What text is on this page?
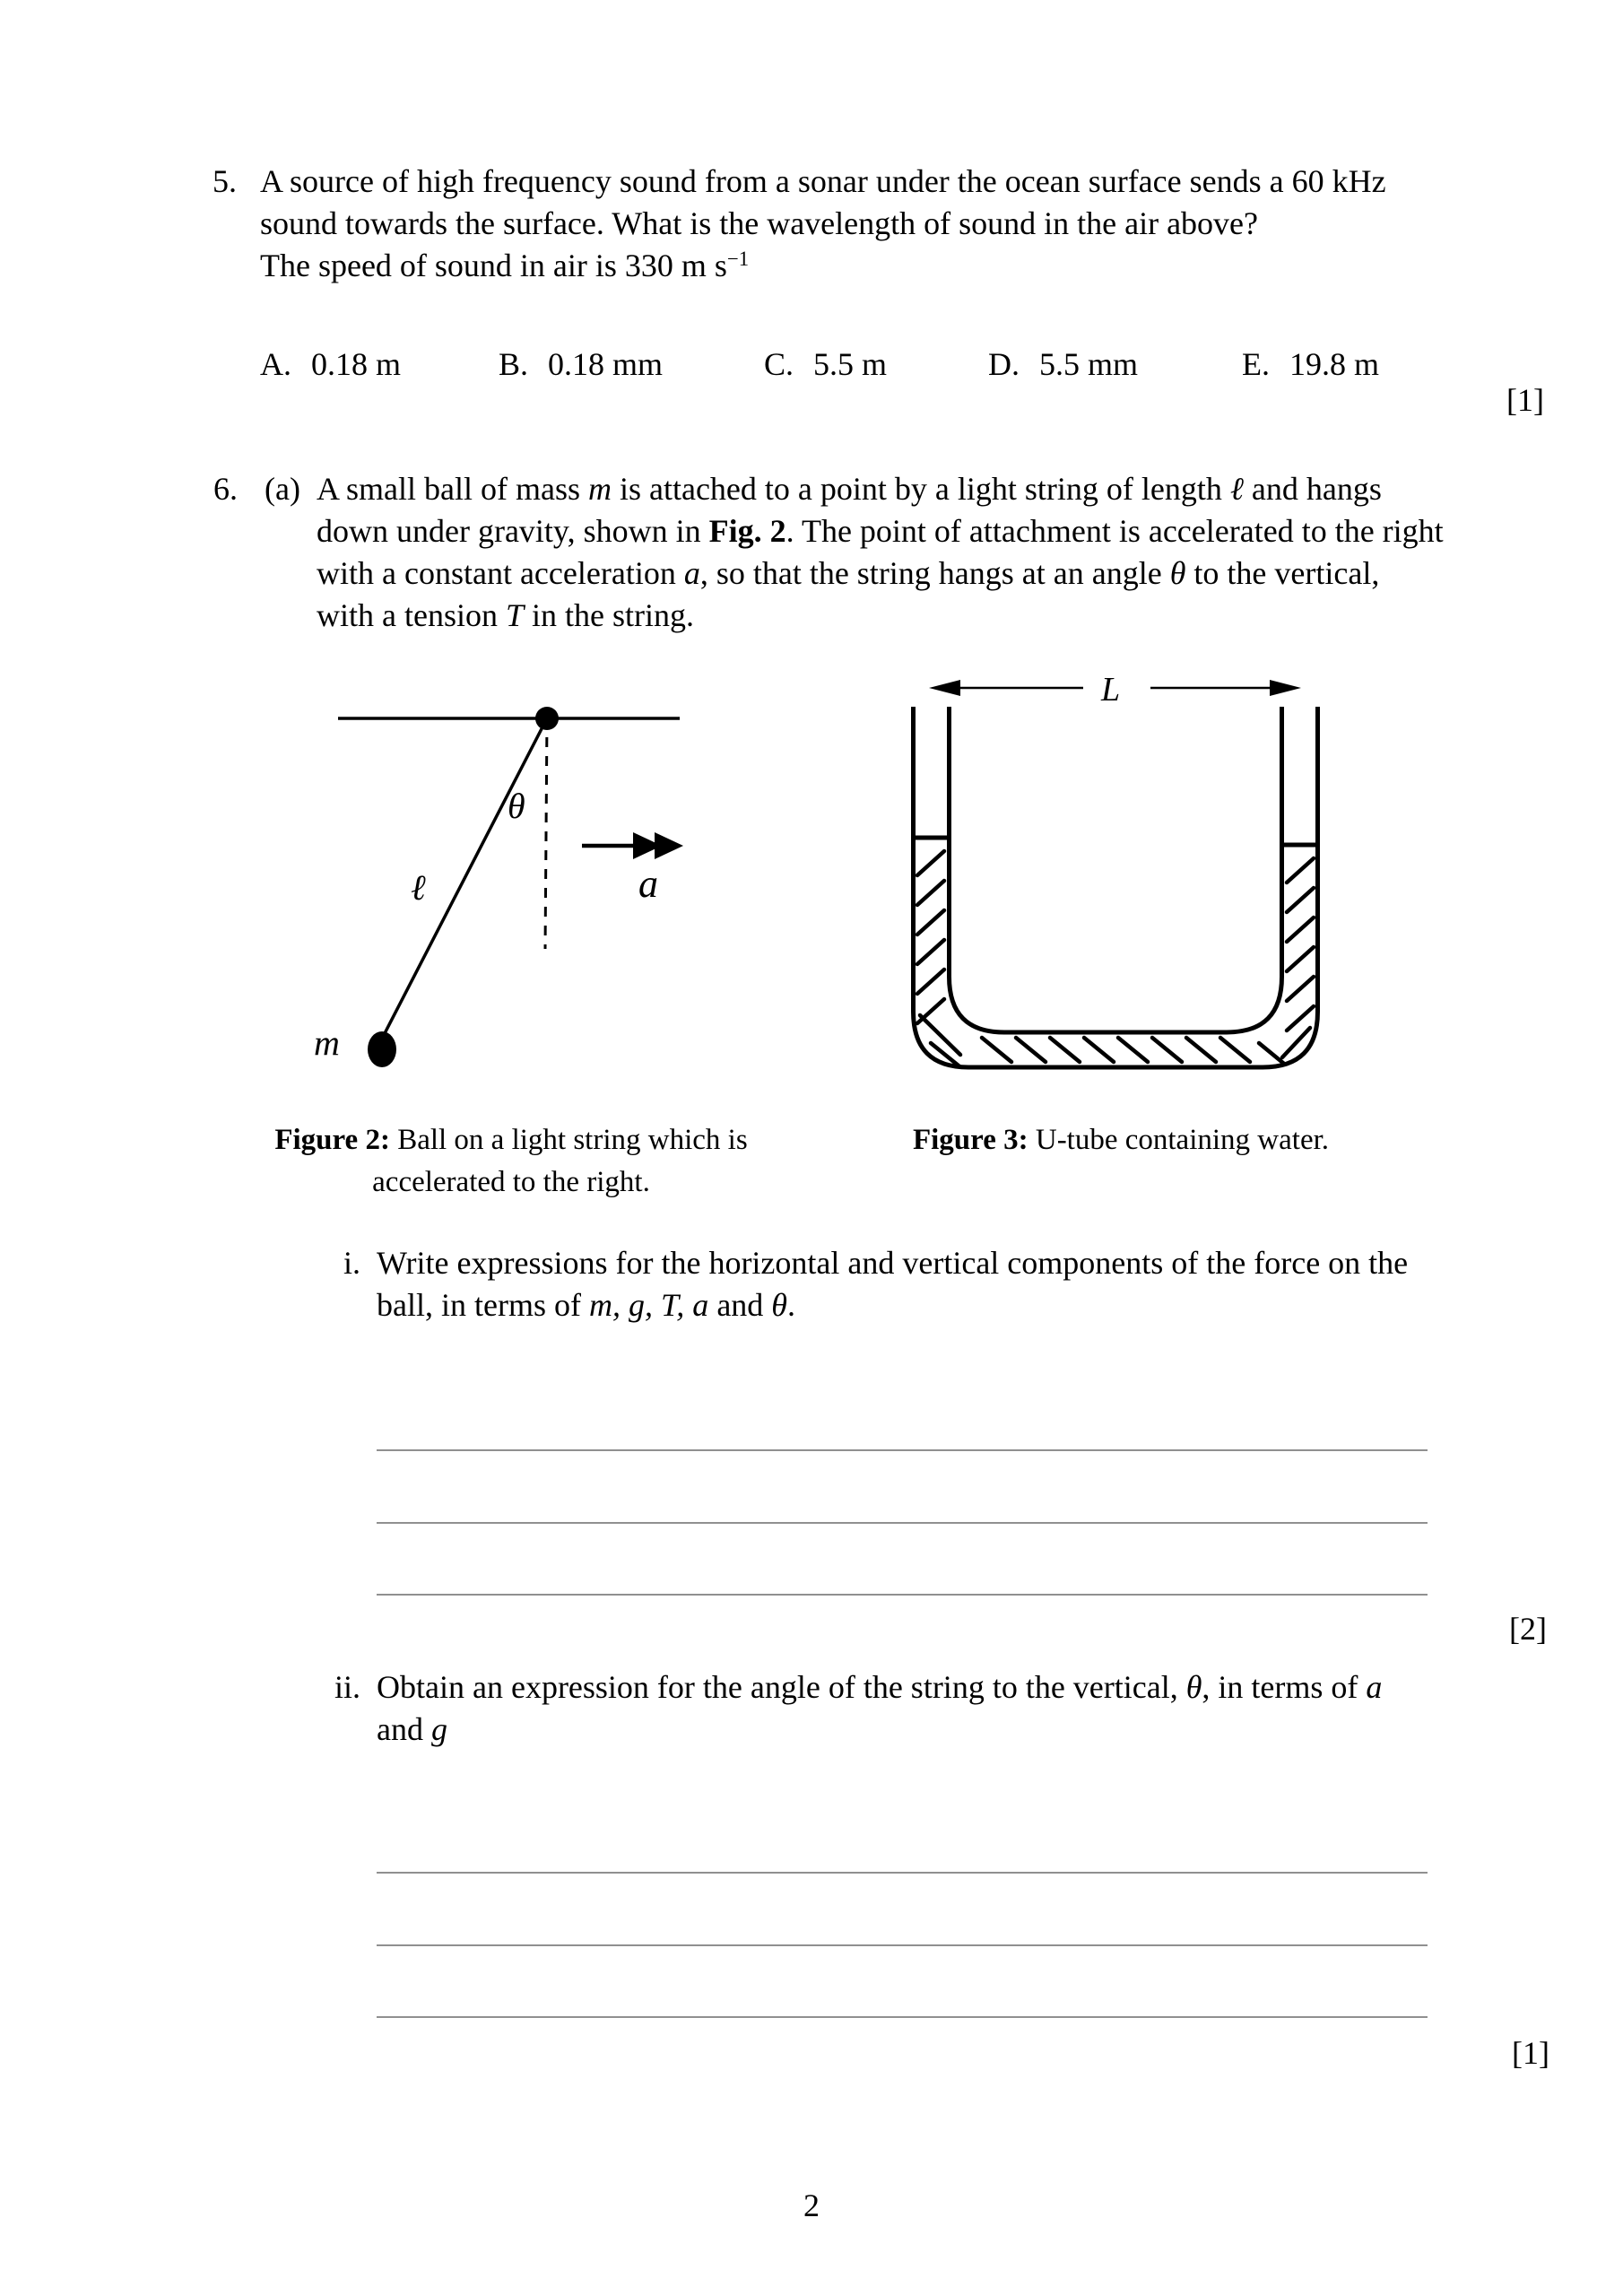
5. A source of high frequency sound from a sonar under the ocean surface sends a 60 kHz
sound towards the surface. What is the wavelength of sound in the air above?
The speed of sound in air is 330 m $s^{-1}$
A. 0.18 m	B. 0.18 mm	C. 5.5 m	D. 5.5 mm	E. 19.8 m
[1]
6. (a) A small ball of mass m is attached to a point by a light string of length ℓ and hangs
down under gravity, shown in Fig. 2. The point of attachment is accelerated to the right
with a constant acceleration a, so that the string hangs at an angle θ to the vertical,
with a tension T in the string.
θ
ℓ	a
m
L
Figure 2: Ball on a light string which is
accelerated to the right.
Figure 3: U-tube containing water.
i. Write expressions for the horizontal and vertical components of the force on the
ball, in terms of m, g, T, a and θ.
[2]
ii. Obtain an expression for the angle of the string to the vertical, θ, in terms of a
and g
[1]
2
